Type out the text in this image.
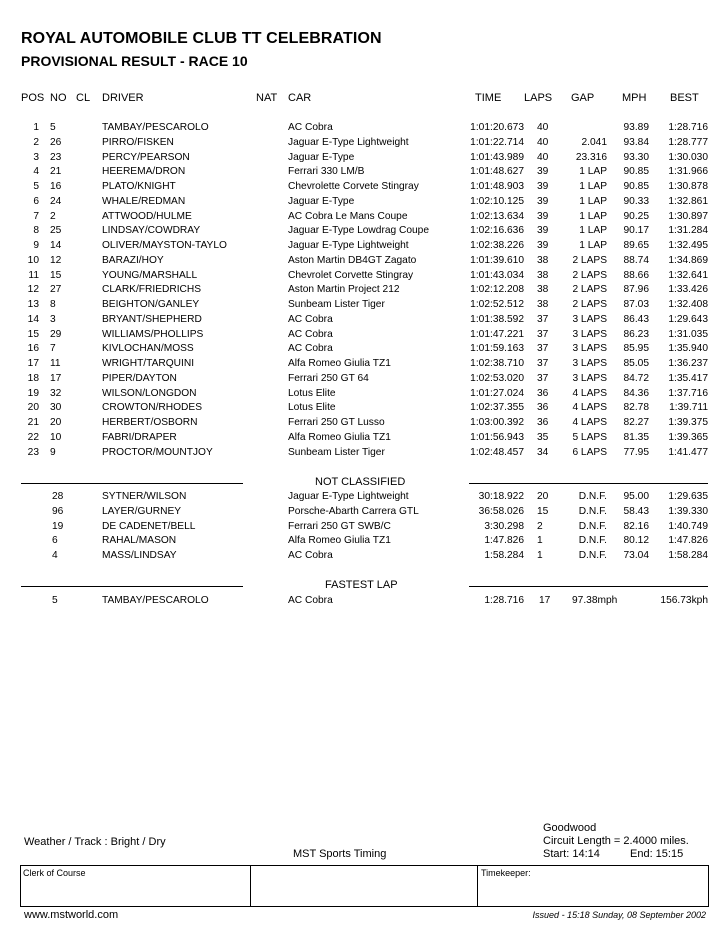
ROYAL AUTOMOBILE CLUB TT CELEBRATION
PROVISIONAL RESULT - RACE 10
POS NO CL DRIVER	NAT CAR	TIME LAPS GAP	MPH BEST
1 5	TAMBAY/PESCAROLO	AC Cobra	1:01:20.673 40	93.89 1:28.716
2 26	PIRRO/FISKEN	Jaguar E-Type Lightweight	1:01:22.714 40	2.041 93.84 1:28.777
3 23	PERCY/PEARSON	Jaguar E-Type	1:01:43.989 40	23.316 93.30 1:30.030
4 21	HEEREMA/DRON	Ferrari 330 LM/B	1:01:48.627 39	1 LAP 90.85 1:31.966
5 16	PLATO/KNIGHT	Chevrolette Corvete Stingray	1:01:48.903 39	1 LAP 90.85 1:30.878
6 24	WHALE/REDMAN	Jaguar E-Type	1:02:10.125 39	1 LAP 90.33 1:32.861
7 2	ATTWOOD/HULME	AC Cobra Le Mans Coupe	1:02:13.634 39	1 LAP 90.25 1:30.897
8 25	LINDSAY/COWDRAY	Jaguar E-Type Lowdrag Coupe	1:02:16.636 39	1 LAP 90.17 1:31.284
9 14	OLIVER/MAYSTON-TAYLO	Jaguar E-Type Lightweight	1:02:38.226 39	1 LAP 89.65 1:32.495
10 12	BARAZI/HOY	Aston Martin DB4GT Zagato	1:01:39.610 38 2 LAPS 88.74 1:34.869
11 15	YOUNG/MARSHALL	Chevrolet Corvette Stingray	1:01:43.034 38 2 LAPS 88.66 1:32.641
12 27	CLARK/FRIEDRICHS	Aston Martin Project 212	1:02:12.208 38 2 LAPS 87.96 1:33.426
13 8	BEIGHTON/GANLEY	Sunbeam Lister Tiger	1:02:52.512 38 2 LAPS 87.03 1:32.408
14 3	BRYANT/SHEPHERD	AC Cobra	1:01:38.592 37 3 LAPS 86.43 1:29.643
15 29	WILLIAMS/PHOLLIPS	AC Cobra	1:01:47.221 37 3 LAPS 86.23 1:31.035
16 7	KIVLOCHAN/MOSS	AC Cobra	1:01:59.163 37 3 LAPS 85.95 1:35.940
17 11	WRIGHT/TARQUINI	Alfa Romeo Giulia TZ1	1:02:38.710 37 3 LAPS 85.05 1:36.237
18 17	PIPER/DAYTON	Ferrari 250 GT 64	1:02:53.020 37 3 LAPS 84.72 1:35.417
19 32	WILSON/LONGDON	Lotus Elite	1:01:27.024 36 4 LAPS 84.36 1:37.716
20 30	CROWTON/RHODES	Lotus Elite	1:02:37.355 36 4 LAPS 82.78 1:39.711
21 20	HERBERT/OSBORN	Ferrari 250 GT Lusso	1:03:00.392 36 4 LAPS 82.27 1:39.375
22 10	FABRI/DRAPER	Alfa Romeo Giulia TZ1	1:01:56.943 35 5 LAPS 81.35 1:39.365
23 9	PROCTOR/MOUNTJOY	Sunbeam Lister Tiger	1:02:48.457 34 6 LAPS 77.95 1:41.477
NOT CLASSIFIED
28	SYTNER/WILSON	Jaguar E-Type Lightweight	30:18.922 20	D.N.F. 95.00 1:29.635
96	LAYER/GURNEY	Porsche-Abarth Carrera GTL	36:58.026 15	D.N.F. 58.43 1:39.330
19	DE CADENET/BELL	Ferrari 250 GT SWB/C	3:30.298 2	D.N.F. 82.16 1:40.749
6	RAHAL/MASON	Alfa Romeo Giulia TZ1	1:47.826 1	D.N.F. 80.12 1:47.826
4	MASS/LINDSAY	AC Cobra	1:58.284 1	D.N.F. 73.04 1:58.284
FASTEST LAP
5	TAMBAY/PESCAROLO	AC Cobra	1:28.716 17 97.38mph	156.73kph
Weather / Track : Bright / Dry
MST Sports Timing
Goodwood
Circuit Length = 2.4000 miles.
Start: 14:14	End: 15:15
Clerk of Course	Timekeeper:
www.mstworld.com	Issued - 15:18 Sunday, 08 September 2002
